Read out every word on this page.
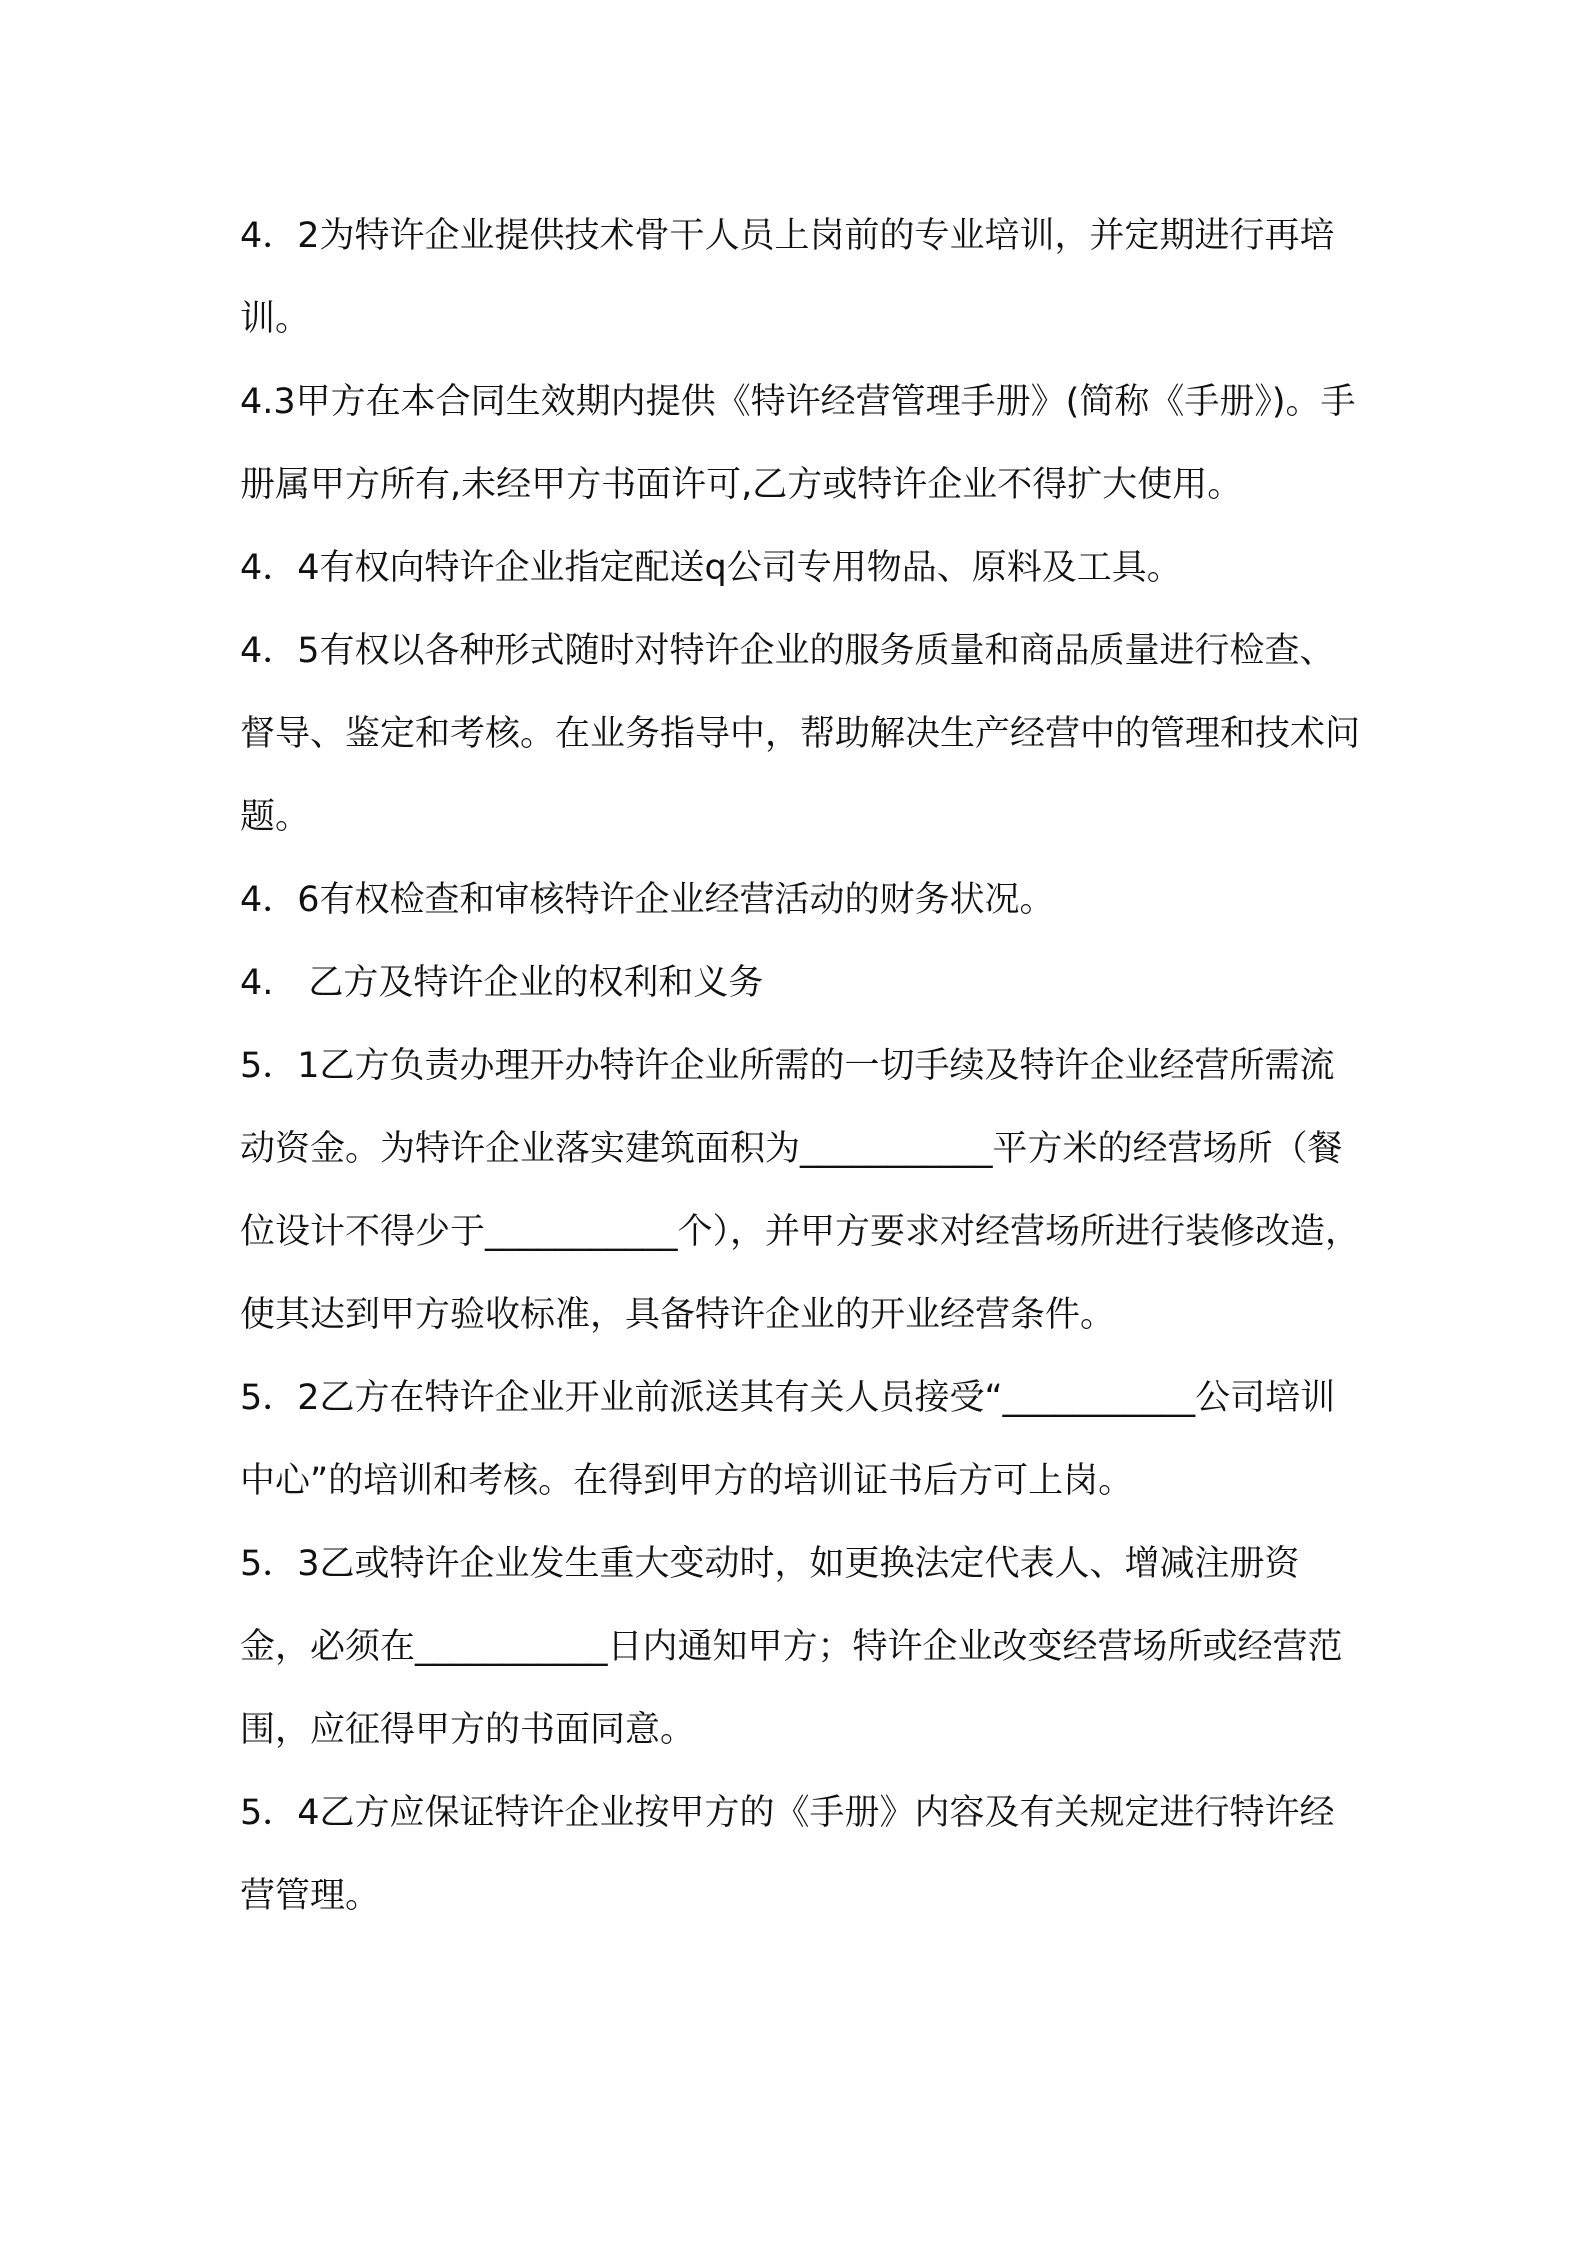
4．2为特许企业提供技术骨干人员上岗前的专业培训，并定期进行再培训。

4.3甲方在本合同生效期内提供《特许经营管理手册》(简称《手册》)。手册属甲方所有,未经甲方书面许可,乙方或特许企业不得扩大使用。

4．4有权向特许企业指定配送q公司专用物品、原料及工具。

4．5有权以各种形式随时对特许企业的服务质量和商品质量进行检查、督导、鉴定和考核。在业务指导中，帮助解决生产经营中的管理和技术问题。

4．6有权检查和审核特许企业经营活动的财务状况。

4.　乙方及特许企业的权利和义务

5．1乙方负责办理开办特许企业所需的一切手续及特许企业经营所需流动资金。为特许企业落实建筑面积为___________平方米的经营场所（餐位设计不得少于___________个），并甲方要求对经营场所进行装修改造，使其达到甲方验收标准，具备特许企业的开业经营条件。

5．2乙方在特许企业开业前派送其有关人员接受“___________公司培训中心”的培训和考核。在得到甲方的培训证书后方可上岗。

5．3乙或特许企业发生重大变动时，如更换法定代表人、增减注册资金，必须在___________日内通知甲方；特许企业改变经营场所或经营范围，应征得甲方的书面同意。

5．4乙方应保证特许企业按甲方的《手册》内容及有关规定进行特许经营管理。
